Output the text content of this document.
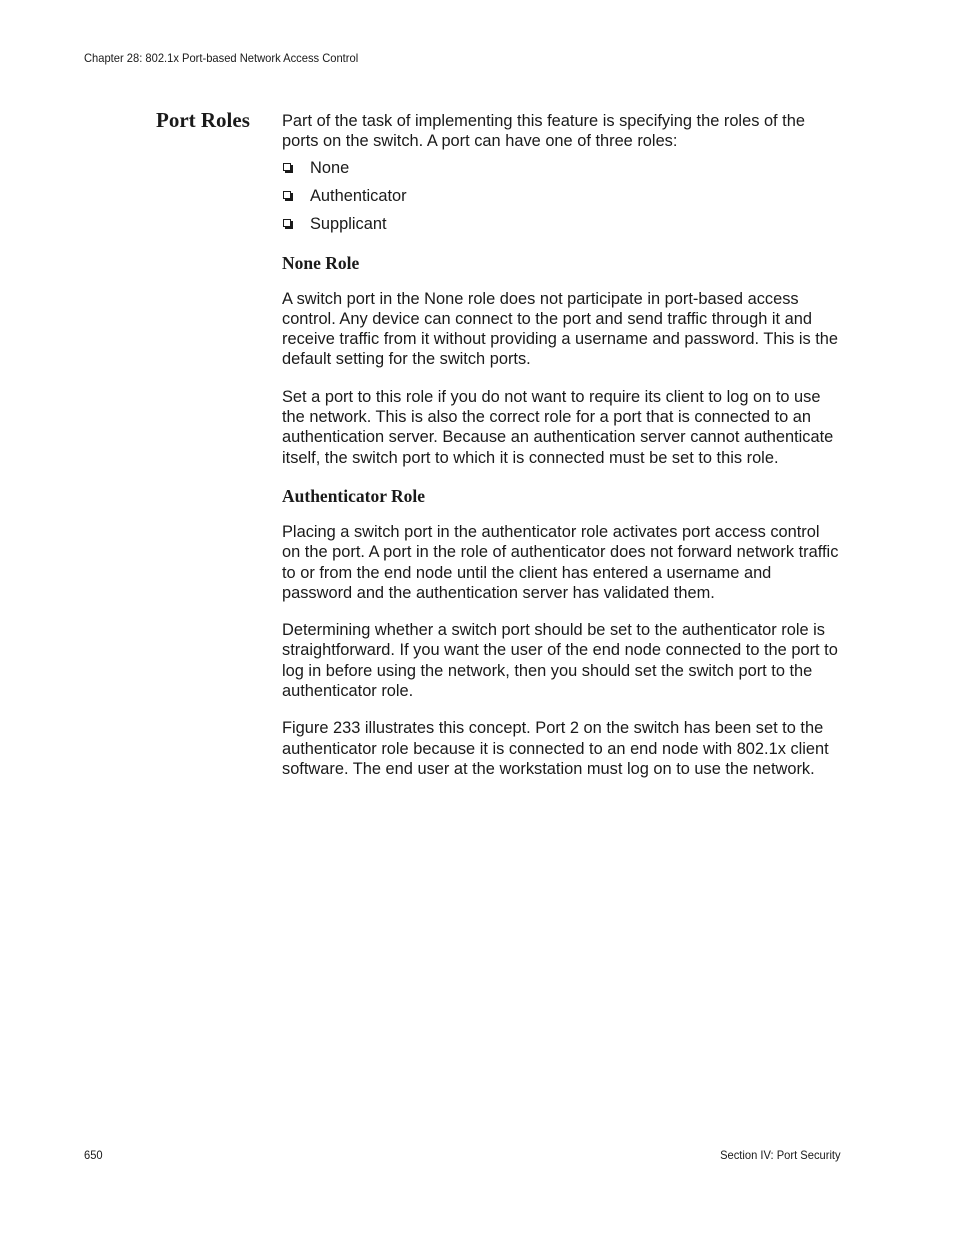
Chapter 28: 802.1x Port-based Network Access Control
Port Roles Part of the task of implementing this feature is specifying the roles of the ports on the switch. A port can have one of three roles:

None
Authenticator
Supplicant
None Role

A switch port in the None role does not participate in port-based access control. Any device can connect to the port and send traffic through it and receive traffic from it without providing a username and password. This is the default setting for the switch ports.

Set a port to this role if you do not want to require its client to log on to use the network. This is also the correct role for a port that is connected to an authentication server. Because an authentication server cannot authenticate itself, the switch port to which it is connected must be set to this role.

Authenticator Role

Placing a switch port in the authenticator role activates port access control on the port. A port in the role of authenticator does not forward network traffic to or from the end node until the client has entered a username and password and the authentication server has validated them.

Determining whether a switch port should be set to the authenticator role is straightforward. If you want the user of the end node connected to the port to log in before using the network, then you should set the switch port to the authenticator role.

Figure 233 illustrates this concept. Port 2 on the switch has been set to the authenticator role because it is connected to an end node with 802.1x client software. The end user at the workstation must log on to use the network.

650	Section IV: Port Security
